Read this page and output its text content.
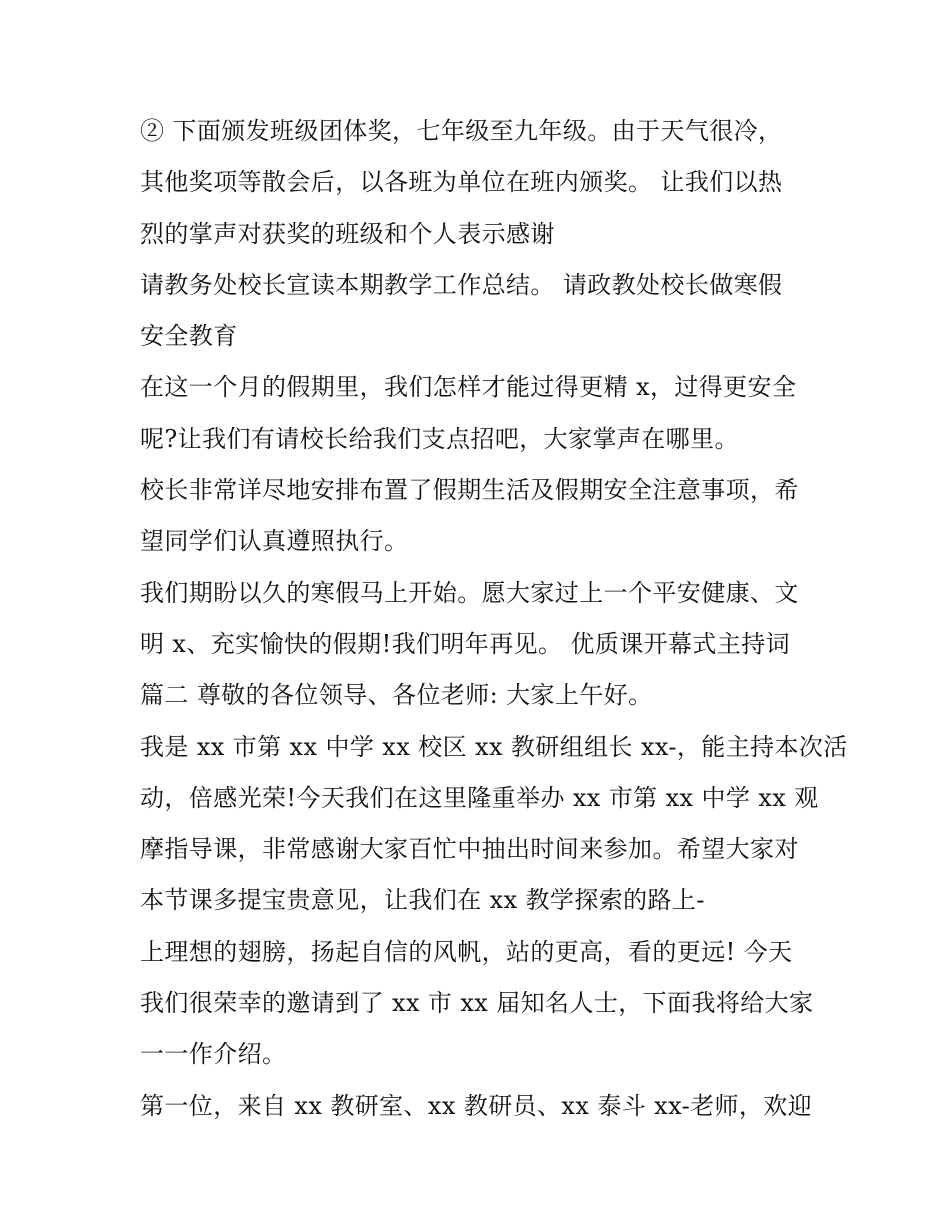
② 下面颁发班级团体奖，七年级至九年级。由于天气很冷，
其他奖项等散会后，以各班为单位在班内颁奖。 让我们以热
烈的掌声对获奖的班级和个人表示感谢
请教务处校长宣读本期教学工作总结。 请政教处校长做寒假
安全教育
在这一个月的假期里，我们怎样才能过得更精 x，过得更安全
呢?让我们有请校长给我们支点招吧，大家掌声在哪里。
校长非常详尽地安排布置了假期生活及假期安全注意事项，希
望同学们认真遵照执行。
我们期盼以久的寒假马上开始。愿大家过上一个平安健康、文
明 x、充实愉快的假期!我们明年再见。 优质课开幕式主持词
篇二 尊敬的各位领导、各位老师: 大家上午好。
我是 xx 市第 xx 中学 xx 校区 xx 教研组组长 xx-，能主持本次活
动，倍感光荣!今天我们在这里隆重举办 xx 市第 xx 中学 xx 观
摩指导课，非常感谢大家百忙中抽出时间来参加。希望大家对
本节课多提宝贵意见，让我们在 xx 教学探索的路上-
上理想的翅膀，扬起自信的风帆，站的更高，看的更远! 今天
我们很荣幸的邀请到了 xx 市 xx 届知名人士，下面我将给大家
一一作介绍。
第一位，来自 xx 教研室、xx 教研员、xx 泰斗 xx-老师，欢迎
